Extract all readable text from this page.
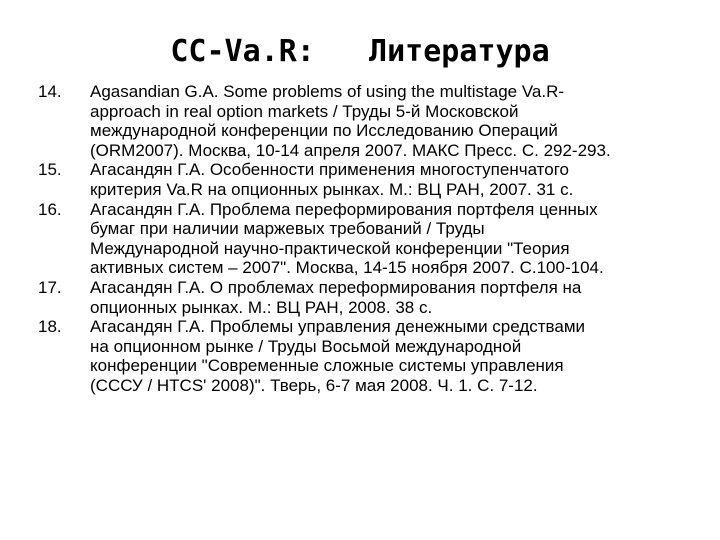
CC-Va.R:   Литература
14.	Agasandian G.A. Some problems of using the multistage Va.R-
approach in real option markets / Труды 5-й Московской
международной конференции по Исследованию Операций
(ORM2007). Москва, 10-14 апреля 2007. МАКС Пресс. С. 292-293.
15.	Агасандян Г.А. Особенности применения многоступенчатого
критерия Va.R на опционных рынках. М.: ВЦ РАН, 2007. 31 с.
16.	Агасандян Г.А. Проблема переформирования портфеля ценных
бумаг при наличии маржевых требований / Труды
Международной научно-практической конференции "Теория
активных систем – 2007". Москва, 14-15 ноября 2007. С.100-104.
17.	Агасандян Г.А. О проблемах переформирования портфеля на
опционных рынках. М.: ВЦ РАН, 2008. 38 с.
18.	Агасандян Г.А. Проблемы управления денежными средствами
на опционном рынке / Труды Восьмой международной
конференции "Современные сложные системы управления
(СССУ / HTCS' 2008)". Тверь, 6-7 мая 2008. Ч. 1. С. 7-12.
